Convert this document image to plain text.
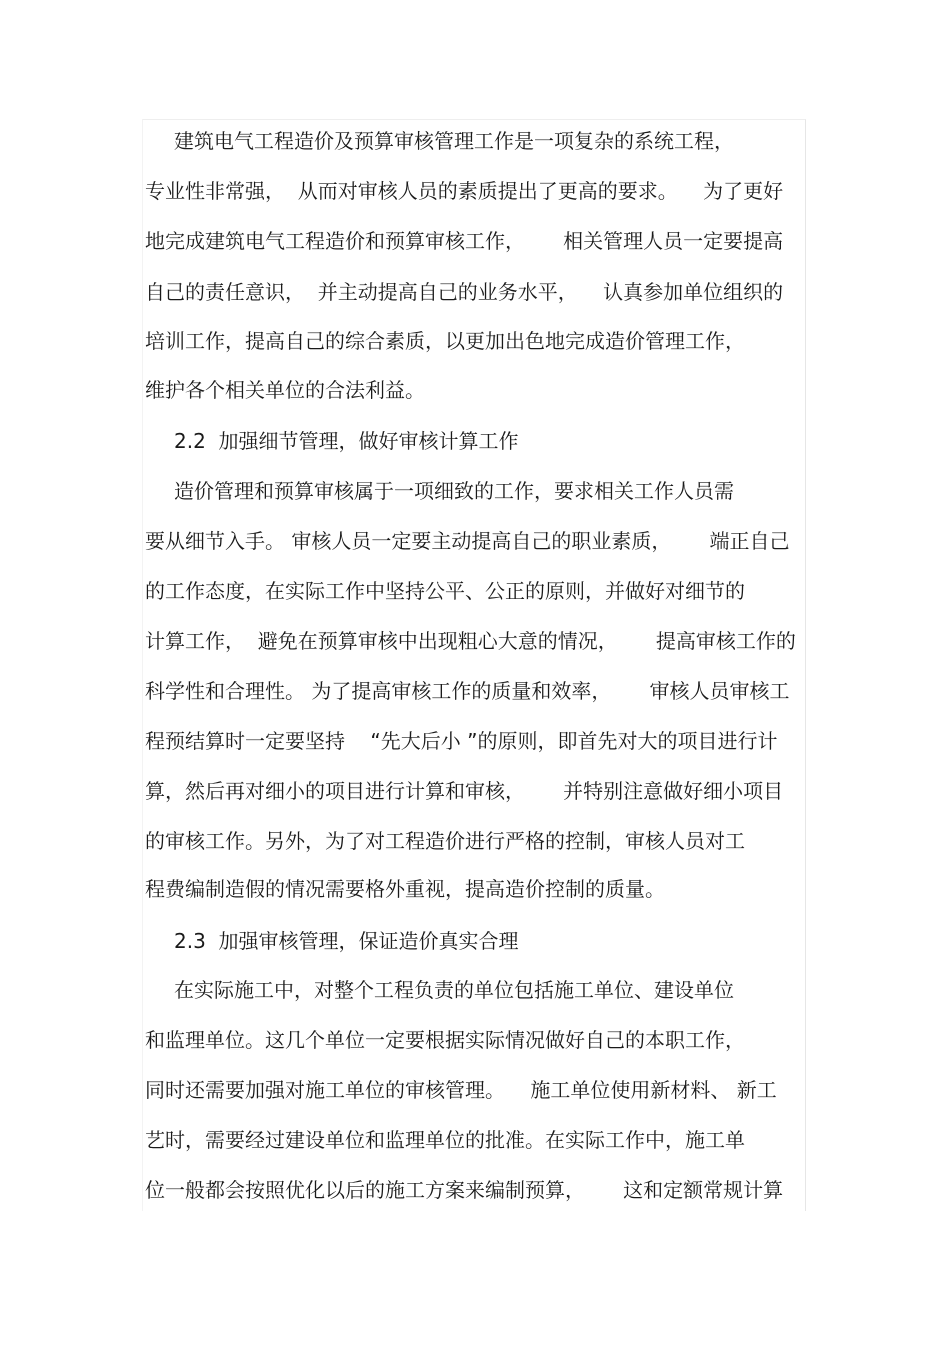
建筑电气工程造价及预算审核管理工作是一项复杂的系统工程，
专业性非常强，  从而对审核人员的素质提出了更高的要求。    为了更好
地完成建筑电气工程造价和预算审核工作，      相关管理人员一定要提高
自己的责任意识，  并主动提高自己的业务水平，    认真参加单位组织的
培训工作，提高自己的综合素质，以更加出色地完成造价管理工作，
维护各个相关单位的合法利益。
2.2  加强细节管理，做好审核计算工作
造价管理和预算审核属于一项细致的工作，要求相关工作人员需
要从细节入手。 审核人员一定要主动提高自己的职业素质，      端正自己
的工作态度，在实际工作中坚持公平、公正的原则，并做好对细节的
计算工作，  避免在预算审核中出现粗心大意的情况，      提高审核工作的
科学性和合理性。 为了提高审核工作的质量和效率，      审核人员审核工
程预结算时一定要坚持    “先大后小 ”的原则，即首先对大的项目进行计
算，然后再对细小的项目进行计算和审核，      并特别注意做好细小项目
的审核工作。另外，为了对工程造价进行严格的控制，审核人员对工
程费编制造假的情况需要格外重视，提高造价控制的质量。
2.3  加强审核管理，保证造价真实合理
在实际施工中，对整个工程负责的单位包括施工单位、建设单位
和监理单位。这几个单位一定要根据实际情况做好自己的本职工作，
同时还需要加强对施工单位的审核管理。    施工单位使用新材料、 新工
艺时，需要经过建设单位和监理单位的批准。在实际工作中，施工单
位一般都会按照优化以后的施工方案来编制预算，      这和定额常规计算
